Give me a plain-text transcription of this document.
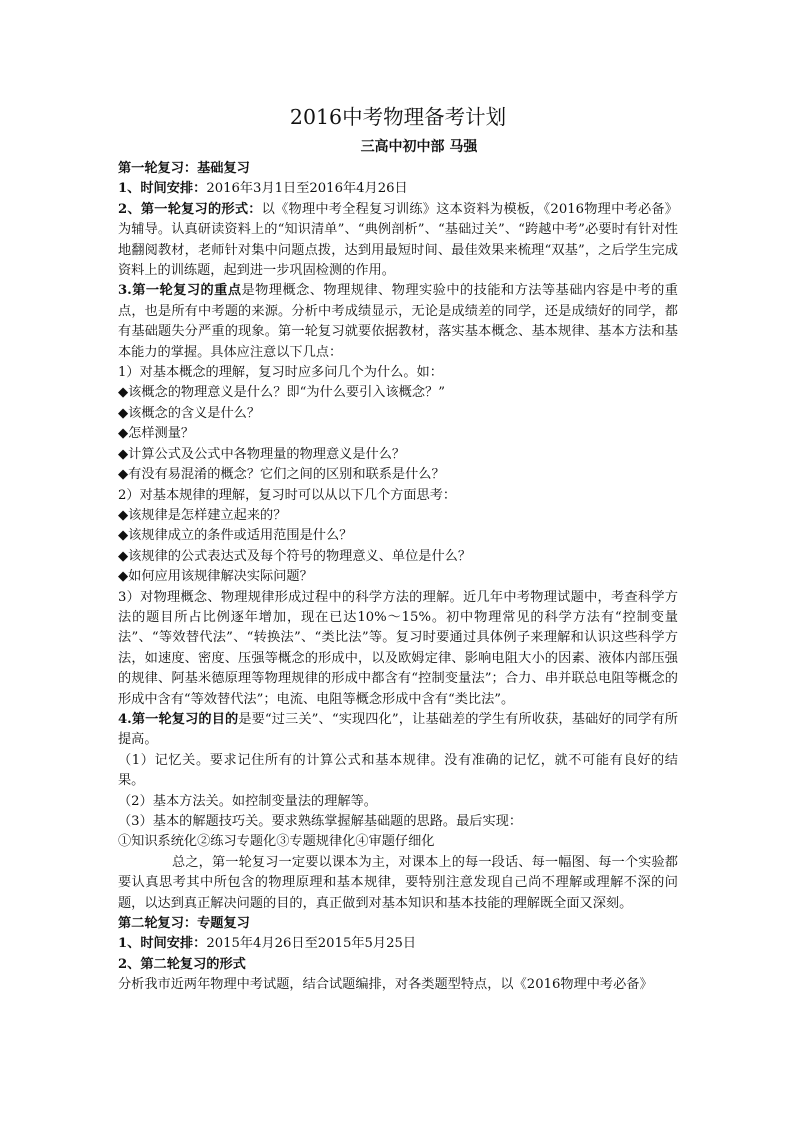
2016中考物理备考计划
三高中初中部 马强

第一轮复习：基础复习

1、时间安排：2016年3月1日至2016年4月26日

2、第一轮复习的形式：以《物理中考全程复习训练》这本资料为模板，《2016物理中考必备》为辅导。认真研读资料上的“知识清单”、“典例剖析”、“基础过关”、“跨越中考”必要时有针对性地翻阅教材，老师针对集中问题点拨，达到用最短时间、最佳效果来梳理“双基”，之后学生完成资料上的训练题，起到进一步巩固检测的作用。

3.第一轮复习的重点是物理概念、物理规律、物理实验中的技能和方法等基础内容是中考的重点，也是所有中考题的来源。分析中考成绩显示，无论是成绩差的同学，还是成绩好的同学，都有基础题失分严重的现象。第一轮复习就要依据教材，落实基本概念、基本规律、基本方法和基本能力的掌握。具体应注意以下几点：

1）对基本概念的理解，复习时应多问几个为什么。如：

◆该概念的物理意义是什么？即“为什么要引入该概念？”

◆该概念的含义是什么？

◆怎样测量？

◆计算公式及公式中各物理量的物理意义是什么？

◆有没有易混淆的概念？它们之间的区别和联系是什么？

2）对基本规律的理解，复习时可以从以下几个方面思考：

◆该规律是怎样建立起来的？

◆该规律成立的条件或适用范围是什么？

◆该规律的公式表达式及每个符号的物理意义、单位是什么？

◆如何应用该规律解决实际问题？

3）对物理概念、物理规律形成过程中的科学方法的理解。近几年中考物理试题中，考查科学方法的题目所占比例逐年增加，现在已达10%～15%。初中物理常见的科学方法有“控制变量法”、“等效替代法”、“转换法”、“类比法”等。复习时要通过具体例子来理解和认识这些科学方法，如速度、密度、压强等概念的形成中，以及欧姆定律、影响电阻大小的因素、液体内部压强的规律、阿基米德原理等物理规律的形成中都含有“控制变量法”；合力、串并联总电阻等概念的形成中含有“等效替代法”；电流、电阻等概念形成中含有“类比法”。

4.第一轮复习的目的是要“过三关”、“实现四化”，让基础差的学生有所收获，基础好的同学有所提高。

（1）记忆关。要求记住所有的计算公式和基本规律。没有准确的记忆，就不可能有良好的结果。

（2）基本方法关。如控制变量法的理解等。

（3）基本的解题技巧关。要求熟练掌握解基础题的思路。最后实现：

①知识系统化②练习专题化③专题规律化④审题仔细化

总之，第一轮复习一定要以课本为主，对课本上的每一段话、每一幅图、每一个实验都要认真思考其中所包含的物理原理和基本规律，要特别注意发现自己尚不理解或理解不深的问题，以达到真正解决问题的目的，真正做到对基本知识和基本技能的理解既全面又深刻。

第二轮复习：专题复习

1、时间安排：2015年4月26日至2015年5月25日

2、第二轮复习的形式

分析我市近两年物理中考试题，结合试题编排，对各类题型特点，以《2016物理中考必备》
